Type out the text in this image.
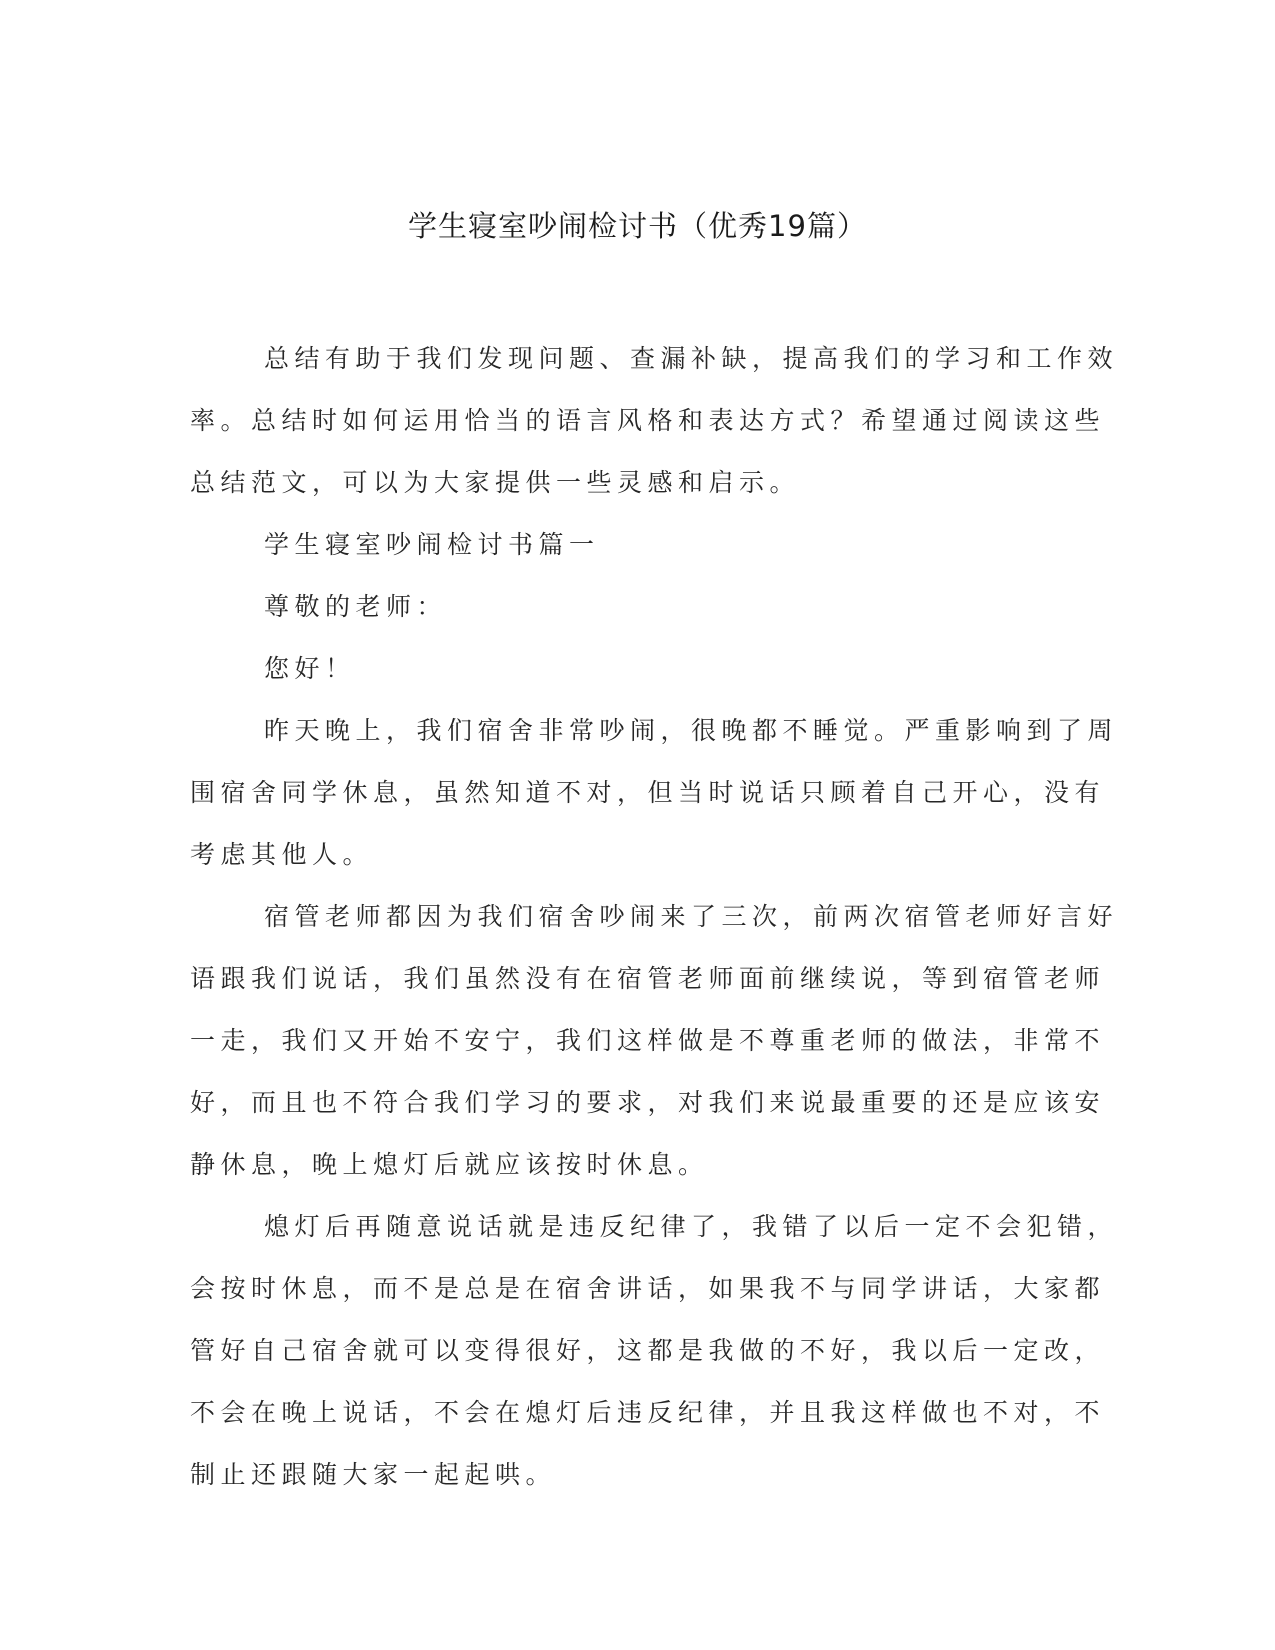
学生寝室吵闹检讨书（优秀19篇）
总结有助于我们发现问题、查漏补缺，提高我们的学习和工作效
率。总结时如何运用恰当的语言风格和表达方式？希望通过阅读这些
总结范文，可以为大家提供一些灵感和启示。
学生寝室吵闹检讨书篇一
尊敬的老师：
您好！
昨天晚上，我们宿舍非常吵闹，很晚都不睡觉。严重影响到了周
围宿舍同学休息，虽然知道不对，但当时说话只顾着自己开心，没有
考虑其他人。
宿管老师都因为我们宿舍吵闹来了三次，前两次宿管老师好言好
语跟我们说话，我们虽然没有在宿管老师面前继续说，等到宿管老师
一走，我们又开始不安宁，我们这样做是不尊重老师的做法，非常不
好，而且也不符合我们学习的要求，对我们来说最重要的还是应该安
静休息，晚上熄灯后就应该按时休息。
熄灯后再随意说话就是违反纪律了，我错了以后一定不会犯错，
会按时休息，而不是总是在宿舍讲话，如果我不与同学讲话，大家都
管好自己宿舍就可以变得很好，这都是我做的不好，我以后一定改，
不会在晚上说话，不会在熄灯后违反纪律，并且我这样做也不对，不
制止还跟随大家一起起哄。
